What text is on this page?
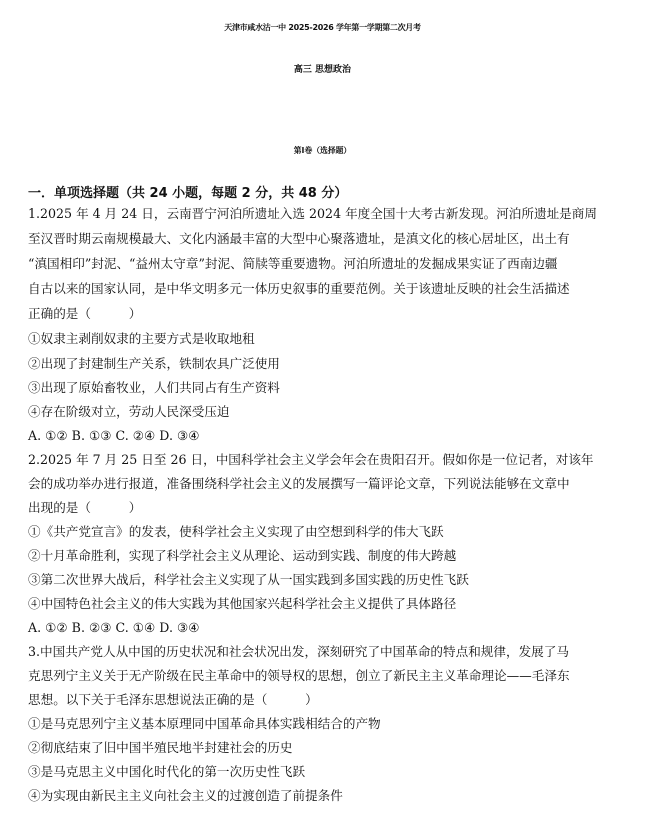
天津市咸水沽一中 2025-2026 学年第一学期第二次月考
高三 思想政治
第Ⅰ卷（选择题）
一．单项选择题（共 24 小题，每题 2 分，共 48 分）
1.2025 年 4 月 24 日，云南晋宁河泊所遗址入选 2024 年度全国十大考古新发现。河泊所遗址是商周
至汉晋时期云南规模最大、文化内涵最丰富的大型中心聚落遗址，是滇文化的核心居址区，出土有
“滇国相印”封泥、“益州太守章”封泥、简牍等重要遗物。河泊所遗址的发掘成果实证了西南边疆
自古以来的国家认同，是中华文明多元一体历史叙事的重要范例。关于该遗址反映的社会生活描述
正确的是（　　　）
①奴隶主剥削奴隶的主要方式是收取地租
②出现了封建制生产关系，铁制农具广泛使用
③出现了原始畜牧业，人们共同占有生产资料
④存在阶级对立，劳动人民深受压迫
A. ①② B. ①③ C. ②④ D. ③④
2.2025 年 7 月 25 日至 26 日，中国科学社会主义学会年会在贵阳召开。假如你是一位记者，对该年
会的成功举办进行报道，准备围绕科学社会主义的发展撰写一篇评论文章，下列说法能够在文章中
出现的是（　　　）
①《共产党宣言》的发表，使科学社会主义实现了由空想到科学的伟大飞跃
②十月革命胜利，实现了科学社会主义从理论、运动到实践、制度的伟大跨越
③第二次世界大战后，科学社会主义实现了从一国实践到多国实践的历史性飞跃
④中国特色社会主义的伟大实践为其他国家兴起科学社会主义提供了具体路径
A. ①② B. ②③ C. ①④ D. ③④
3.中国共产党人从中国的历史状况和社会状况出发，深刻研究了中国革命的特点和规律，发展了马
克思列宁主义关于无产阶级在民主革命中的领导权的思想，创立了新民主主义革命理论——毛泽东
思想。以下关于毛泽东思想说法正确的是（　　　）
①是马克思列宁主义基本原理同中国革命具体实践相结合的产物
②彻底结束了旧中国半殖民地半封建社会的历史
③是马克思主义中国化时代化的第一次历史性飞跃
④为实现由新民主主义向社会主义的过渡创造了前提条件
